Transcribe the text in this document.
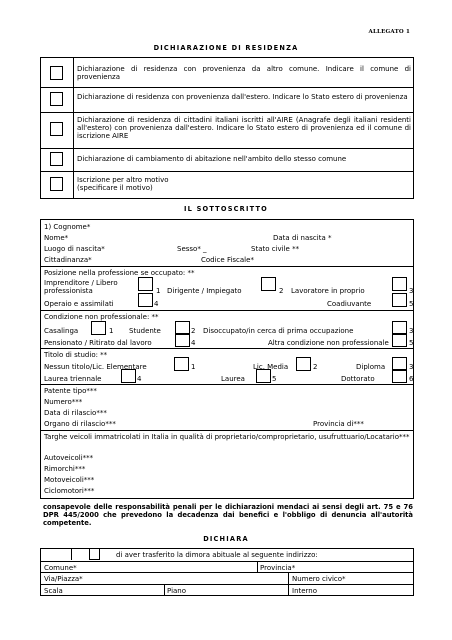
ALLEGATO 1
DICHIARAZIONE DI RESIDENZA
Dichiarazione di residenza con provenienza da altro comune. Indicare il comune di provenienza
Dichiarazione di residenza con provenienza dall'estero. Indicare lo Stato estero di provenienza
Dichiarazione di residenza di cittadini italiani iscritti all'AIRE (Anagrafe degli italiani residenti all'estero) con provenienza dall'estero. Indicare lo Stato estero di provenienza ed il comune di iscrizione AIRE
Dichiarazione di cambiamento di abitazione nell'ambito dello stesso comune
Iscrizione per altro motivo (specificare il motivo)
IL SOTTOSCRITTO
1) Cognome*
Nome*	Data di nascita *
Luogo di nascita*	Sesso* _	Stato civile **
Cittadinanza*	Codice Fiscale*
Posizione nella professione se occupato: **
Imprenditore / Libero professionista	1 Dirigente / Impiegato	2 Lavoratore in proprio	3
Operaio e assimilati	4	Coadiuvante	5
Condizione non professionale: **
Casalinga	1 Studente	2 Disoccupato/in cerca di prima occupazione	3
Pensionato / Ritirato dal lavoro	4	Altra condizione non professionale	5
Titolo di studio: **
Nessun titolo/Lic. Elementare	1	Lic. Media	2	Diploma	3
Laurea triennale	4	Laurea	5	Dottorato	6
Patente tipo***
Numero***
Data di rilascio***
Organo di rilascio***	Provincia di***
Targhe veicoli immatricolati in Italia in qualità di proprietario/comproprietario, usufruttuario/Locatario***
Autoveicoli***
Rimorchi***
Motoveicoli***
Ciclomotori***
consapevole delle responsabilità penali per le dichiarazioni mendaci ai sensi degli art. 75 e 76 DPR 445/2000 che prevedono la decadenza dai benefici e l'obbligo di denuncia all'autorità competente.
DICHIARA
di aver trasferito la dimora abituale al seguente indirizzo:
Comune*	Provincia*
Via/Piazza*	Numero civico*
Scala	Piano	Interno
